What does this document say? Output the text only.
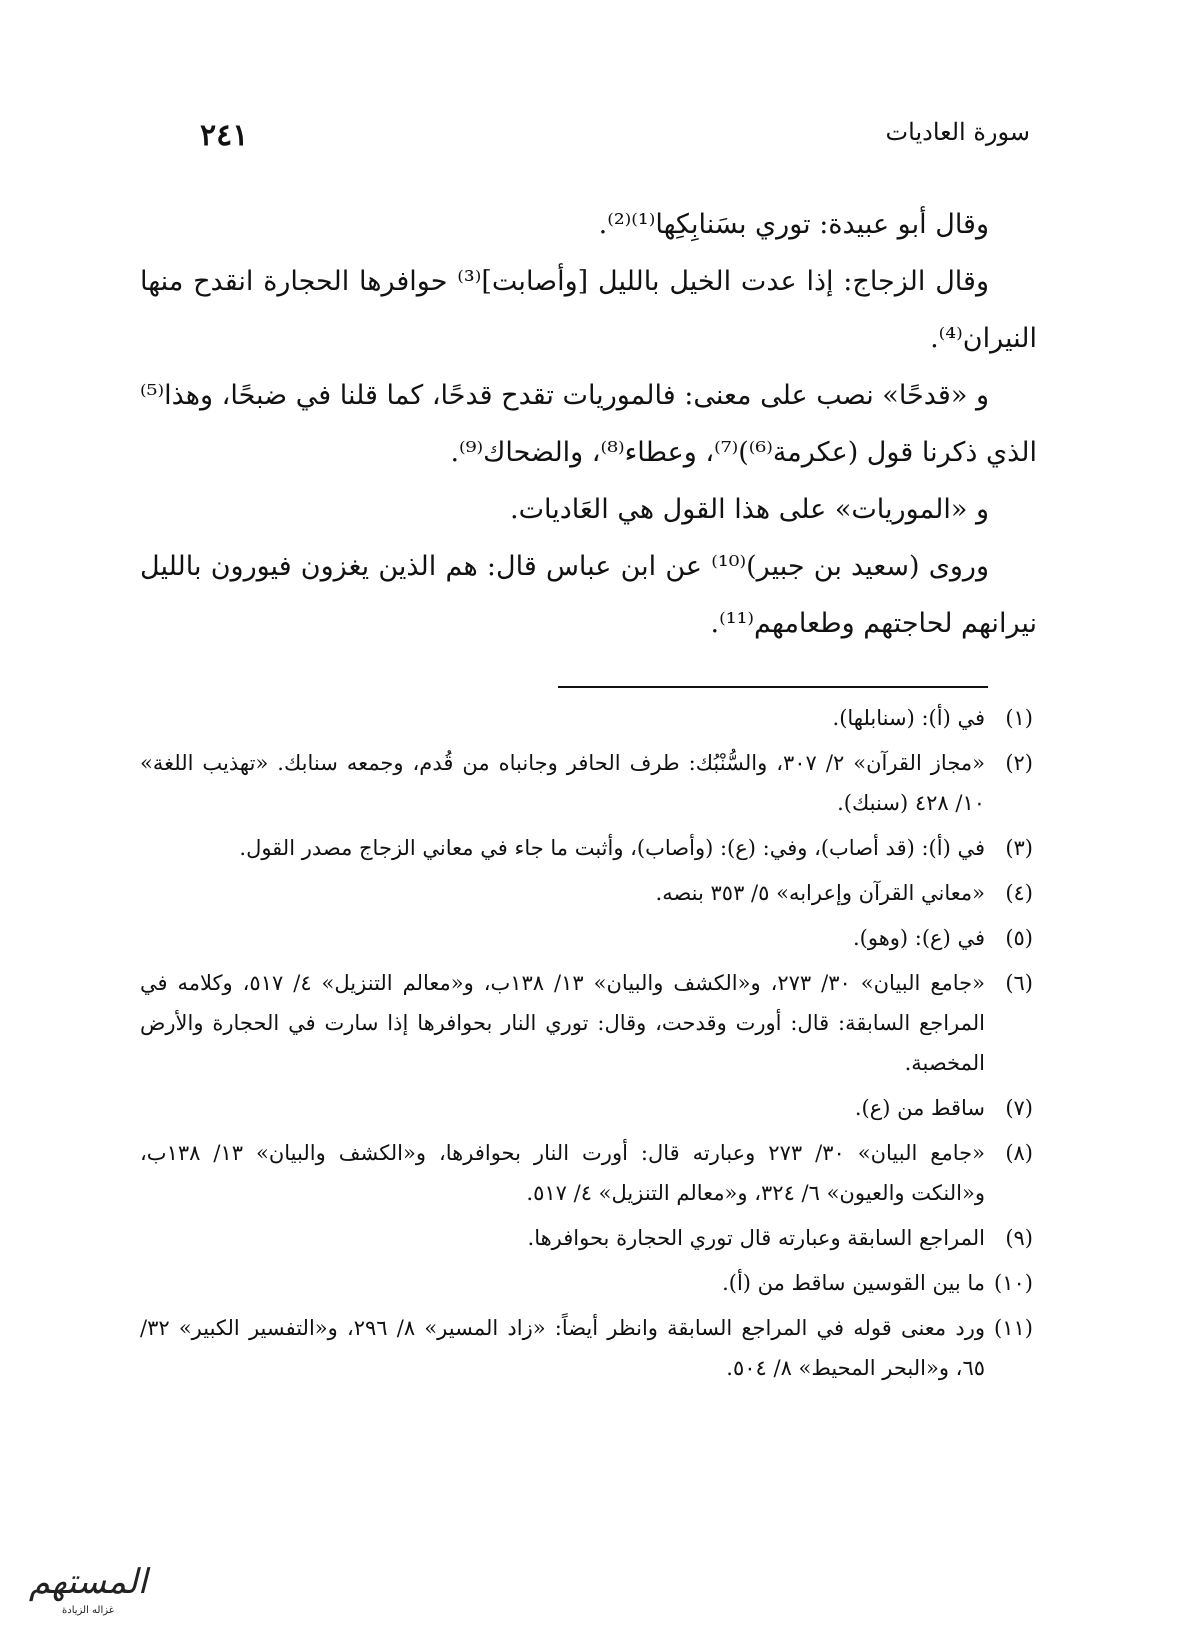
سورة العاديات
٢٤١

وقال أبو عبيدة: توري بسَنابِكِها⁽¹⁾⁽²⁾.

وقال الزجاج: إذا عدت الخيل بالليل [وأصابت]⁽³⁾ حوافرها الحجارة انقدح منها النيران⁽⁴⁾.

و «قدحًا» نصب على معنى: فالموريات تقدح قدحًا، كما قلنا في ضبحًا، وهذا⁽⁵⁾ الذي ذكرنا قول (عكرمة⁽⁶⁾)⁽⁷⁾، وعطاء⁽⁸⁾، والضحاك⁽⁹⁾.

و «الموريات» على هذا القول هي العَاديات.

وروى (سعيد بن جبير)⁽¹⁰⁾ عن ابن عباس قال: هم الذين يغزون فيورون بالليل نيرانهم لحاجتهم وطعامهم⁽¹¹⁾.

(١)
في (أ): (سنابلها).
(٢)
«مجاز القرآن» ٢/ ٣٠٧، والسُّنْبُك: طرف الحافر وجانباه من قُدم، وجمعه سنابك. «تهذيب اللغة» ١٠/ ٤٢٨ (سنبك).
(٣)
في (أ): (قد أصاب)، وفي: (ع): (وأصاب)، وأثبت ما جاء في معاني الزجاج مصدر القول.
(٤)
«معاني القرآن وإعرابه» ٥/ ٣٥٣ بنصه.
(٥)
في (ع): (وهو).
(٦)
«جامع البيان» ٣٠/ ٢٧٣، و«الكشف والبيان» ١٣/ ١٣٨ب، و«معالم التنزيل» ٤/ ٥١٧، وكلامه في المراجع السابقة: قال: أورت وقدحت، وقال: توري النار بحوافرها إذا سارت في الحجارة والأرض المخصبة.
(٧)
ساقط من (ع).
(٨)
«جامع البيان» ٣٠/ ٢٧٣ وعبارته قال: أورت النار بحوافرها، و«الكشف والبيان» ١٣/ ١٣٨ب، و«النكت والعيون» ٦/ ٣٢٤، و«معالم التنزيل» ٤/ ٥١٧.
(٩)
المراجع السابقة وعبارته قال توري الحجارة بحوافرها.
(١٠)
ما بين القوسين ساقط من (أ).
(١١)
ورد معنى قوله في المراجع السابقة وانظر أيضاً: «زاد المسير» ٨/ ٢٩٦، و«التفسير الكبير» ٣٢/ ٦٥، و«البحر المحيط» ٨/ ٥٠٤.
المستهم
غزاله الزيادة
